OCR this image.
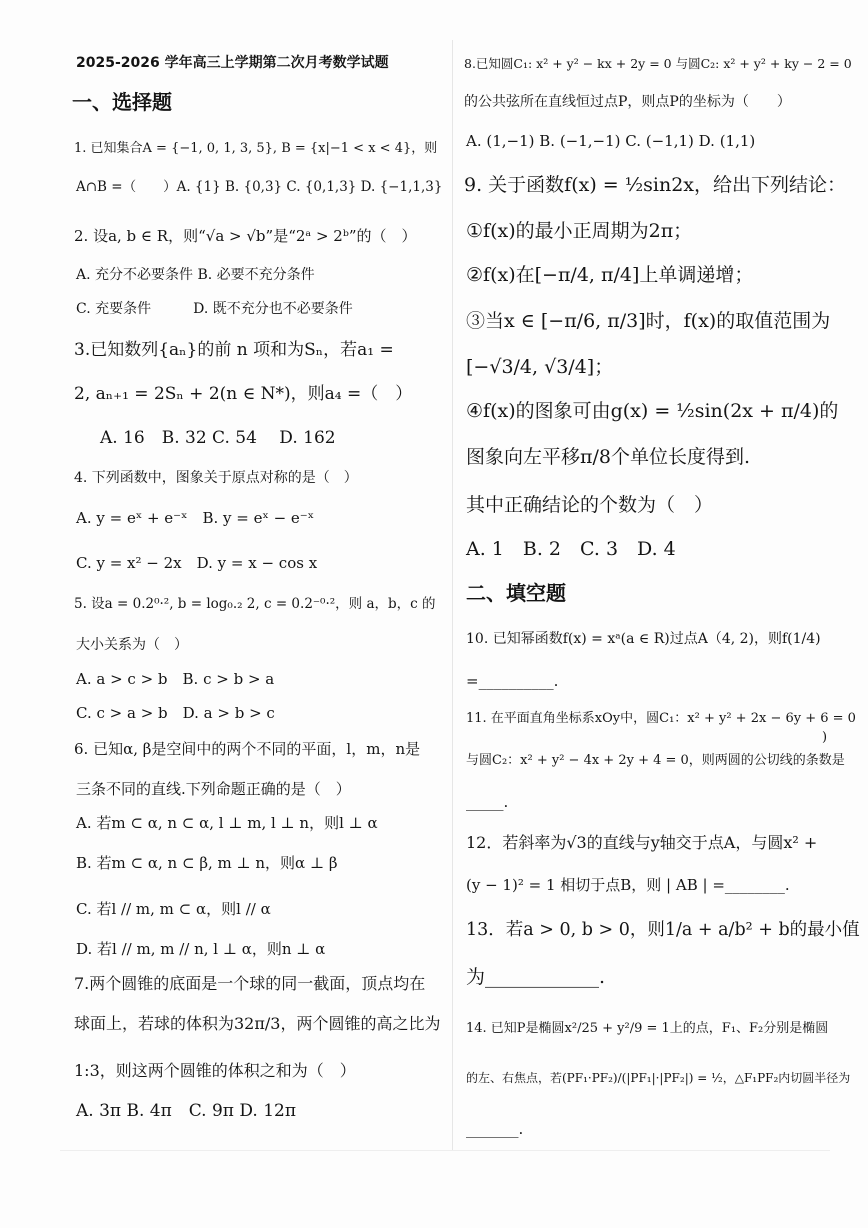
2025-2026 学年高三上学期第二次月考数学试题
一、选择题
1. 已知集合A = {−1, 0, 1, 3, 5}, B = {x|−1 < x < 4}，则
A∩B =（　　）A. {1} B. {0,3} C. {0,1,3} D. {−1,1,3}
2. 设a, b ∈ R，则“√a > √b”是“2ᵃ > 2ᵇ”的（　）
A. 充分不必要条件 B. 必要不充分条件
C. 充要条件　　　D. 既不充分也不必要条件
3.已知数列{aₙ}的前 n 项和为Sₙ，若a₁ =
2, aₙ₊₁ = 2Sₙ + 2(n ∈ N*)，则a₄ =（　）
A. 16　B. 32 C. 54　 D. 162
4. 下列函数中，图象关于原点对称的是（　）
A. y = eˣ + e⁻ˣ　B. y = eˣ − e⁻ˣ
C. y = x² − 2x　D. y = x − cos x
5. 设a = 0.2⁰·², b = log₀.₂ 2, c = 0.2⁻⁰·²，则 a，b，c 的
大小关系为（　）
A. a > c > b　B. c > b > a
C. c > a > b　D. a > b > c
6. 已知α, β是空间中的两个不同的平面，l，m，n是
三条不同的直线.下列命题正确的是（　）
A. 若m ⊂ α, n ⊂ α, l ⊥ m, l ⊥ n，则l ⊥ α
B. 若m ⊂ α, n ⊂ β, m ⊥ n，则α ⊥ β
C. 若l // m, m ⊂ α，则l // α
D. 若l // m, m // n, l ⊥ α，则n ⊥ α
7.两个圆锥的底面是一个球的同一截面，顶点均在
球面上，若球的体积为32π/3，两个圆锥的高之比为
1:3，则这两个圆锥的体积之和为（　）
A. 3π B. 4π　C. 9π D. 12π
8.已知圆C₁: x² + y² − kx + 2y = 0 与圆C₂: x² + y² + ky − 2 = 0
的公共弦所在直线恒过点P，则点P的坐标为（　　）
A. (1,−1) B. (−1,−1) C. (−1,1) D. (1,1)
9. 关于函数f(x) = ½sin2x，给出下列结论：
①f(x)的最小正周期为2π；
②f(x)在[−π/4, π/4]上单调递增；
③当x ∈ [−π/6, π/3]时，f(x)的取值范围为
[−√3/4, √3/4]；
④f(x)的图象可由g(x) = ½sin(2x + π/4)的
图象向左平移π/8个单位长度得到.
其中正确结论的个数为（　）
A. 1　B. 2　C. 3　D. 4
二、填空题
10. 已知幂函数f(x) = xᵃ(a ∈ R)过点A（4, 2)，则f(1/4)
=__________.
11. 在平面直角坐标系xOy中，圆C₁：x² + y² + 2x − 6y + 6 = 0
)
与圆C₂：x² + y² − 4x + 2y + 4 = 0，则两圆的公切线的条数是
_____.
12．若斜率为√3的直线与y轴交于点A，与圆x² +
(y − 1)² = 1 相切于点B，则 | AB | =________.
13．若a > 0, b > 0，则1/a + a/b² + b的最小值
为____________.
14. 已知P是椭圆x²/25 + y²/9 = 1上的点，F₁、F₂分别是椭圆
的左、右焦点，若(PF₁·PF₂)/(|PF₁|·|PF₂|) = ½，△F₁PF₂内切圆半径为
_______.
